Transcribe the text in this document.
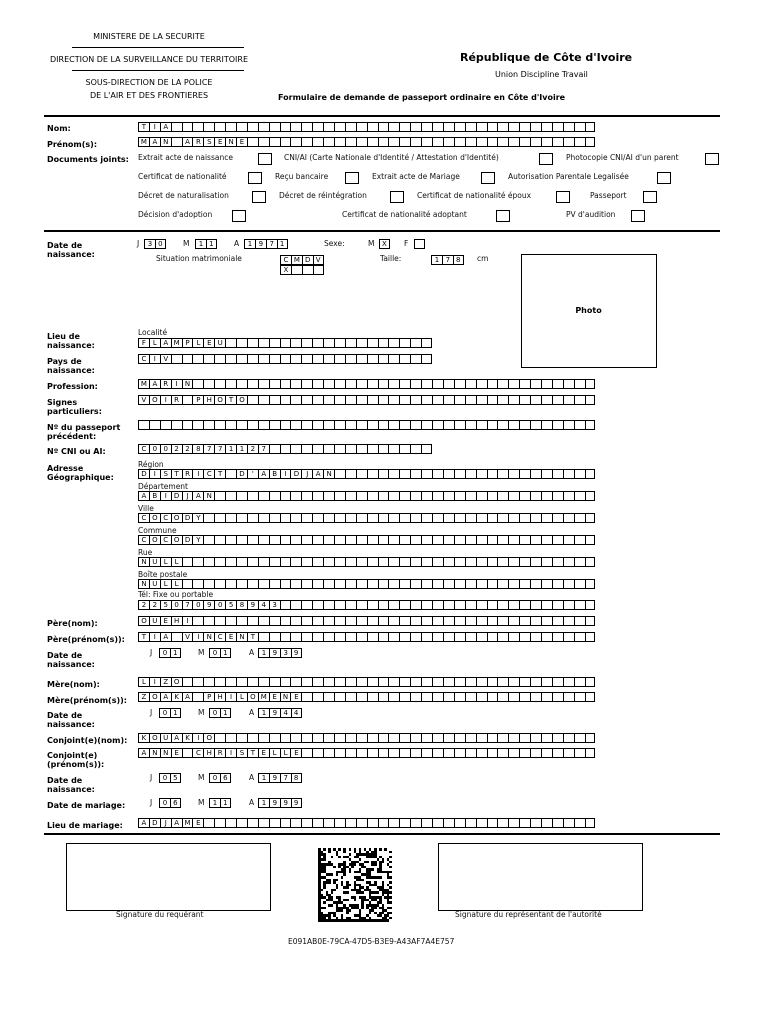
MINISTERE DE LA SECURITE
DIRECTION DE LA SURVEILLANCE DU TERRITOIRE
SOUS-DIRECTION DE LA POLICE
DE L'AIR ET DES FRONTIERES
République de Côte d'Ivoire
Union Discipline Travail
Formulaire de demande de passeport ordinaire en Côte d'Ivoire
Nom:	T	I	A
Prénom(s):	M A N	A R S E N E
Documents joints:	Extrait acte de naissance	CNI/AI (Carte Nationale d'Identité / Attestation d'Identité)	Photocopie CNI/AI d'un parent
Certificat de nationalité	Reçu bancaire	Extrait acte de Mariage	Autorisation Parentale Legalisée
Décret de naturalisation	Décret de réintégration	Certificat de nationalité époux	Passeport
Décision d'adoption	Certificat de nationalité adoptant	PV d'audition
Date de naissance:
J	3 0	M	1 1	A	1 9 7 1	Sexe:	M	X	F
Situation matrimoniale	C M D V
X
Taille:	1 7 8	cm
Photo
Localité
Lieu de naissance:	F L A M P L E U
Pays de naissance:
C	I	V
Profession:	M A R	I	N
Signes particuliers:
V O	I	R	P H O T O
Nº du passeport précédent:
Nº CNI ou AI:	C 0 0 2 2 8 7 7 1 1 2 7
Adresse Géographique:
Région
D	I	S T R	I	C T	D	'	A B	I	D	J	A N
Département
A B	I	D	J	A N
Ville
C O C O D Y
Commune
C O C O D Y
Rue
N U L L
Boîte postale
N U L L
Tél: Fixe ou portable
2 2 5 0 7 0 9 0 5 8 9 4 3
Père(nom):	O U E H	I
Père(prénom(s)):	T	I	A	V	I	N C E N T
Date de naissance:
J	0 1	M	0 1	A	1 9 3 9
Mère(nom):	L	I	Z O
Mère(prénom(s)):	Z O A K A	P H	I	L O M E N E
Date de naissance:
J	0 1	M	0 1	A	1 9 4 4
Conjoint(e)(nom):	K O U A K	I	O
Conjoint(e) (prénom(s)):
A N N E	C H R	I	S T E L L E
Date de naissance:
J	0 5	M	0 6	A	1 9 7 8
Date de mariage:	J	0 6	M	1 1	A	1 9 9 9
Lieu de mariage:	A D	J	A M E
Signature du requérant	Signature du représentant de l'autorité
E091AB0E-79CA-47D5-B3E9-A43AF7A4E757
